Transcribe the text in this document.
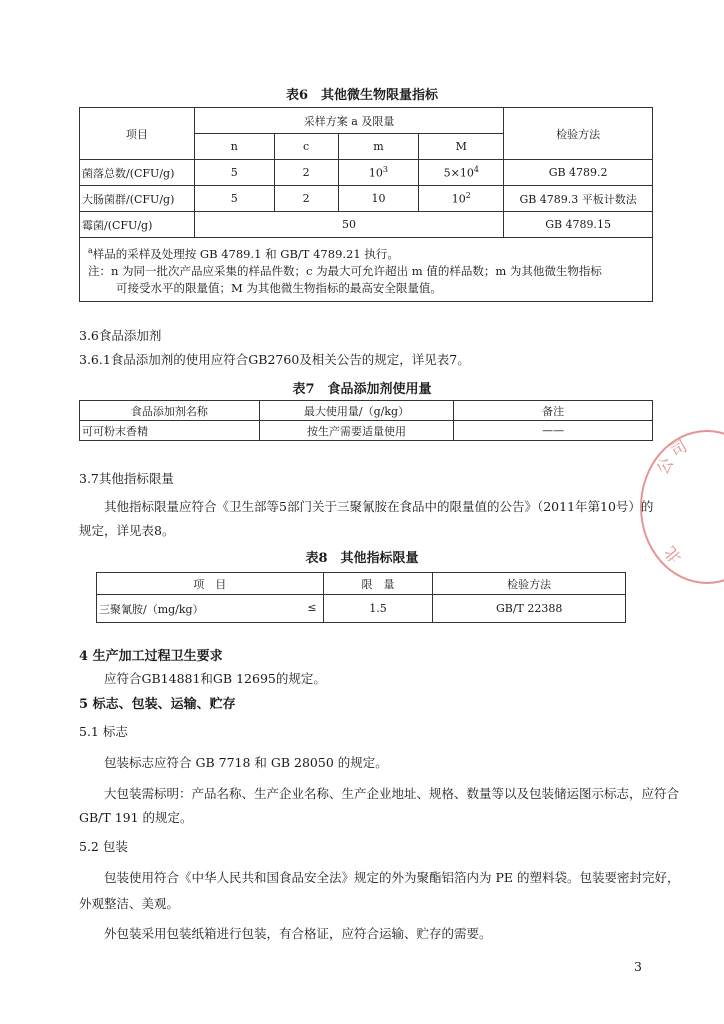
表6　其他微生物限量指标
项目	采样方案 a 及限量				检验方法
	n	c	m	M	
菌落总数/(CFU/g)	5	2	$10^3$	$5\times 10^4$	GB 4789.2
大肠菌群/(CFU/g)	5	2	10	$10^2$	GB 4789.3 平板计数法
霉菌/(CFU/g)	50				GB 4789.15

$^a$样品的采样及处理按 GB 4789.1 和 GB/T 4789.21 执行。
注：n 为同一批次产品应采集的样品件数；c 为最大可允许超出 m 值的样品数；m 为其他微生物指标
可接受水平的限量值；M 为其他微生物指标的最高安全限量值。					
3.6食品添加剂
3.6.1食品添加剂的使用应符合GB2760及相关公告的规定，详见表7。
表7　食品添加剂使用量
食品添加剂名称	最大使用量/（g/kg）	备注
可可粉末香精	按生产需要适量使用	——
3.7其他指标限量
其他指标限量应符合《卫生部等5部门关于三聚氰胺在食品中的限量值的公告》（2011年第10号）的
规定，详见表8。
表8　其他指标限量
项　目	限　量	检验方法
三聚氰胺/（mg/kg） ≤	1.5	GB/T 22388
4 生产加工过程卫生要求
应符合GB14881和GB 12695的规定。
5 标志、包装、运输、贮存
5.1 标志
包装标志应符合 GB 7718 和 GB 28050 的规定。
大包装需标明：产品名称、生产企业名称、生产企业地址、规格、数量等以及包装储运图示标志，应符合
GB/T 191 的规定。
5.2 包装
包装使用符合《中华人民共和国食品安全法》规定的外为聚酯铝箔内为 PE 的塑料袋。包装要密封完好，
外观整洁、美观。
外包装采用包装纸箱进行包装，有合格证，应符合运输、贮存的需要。
公
司
北
3
